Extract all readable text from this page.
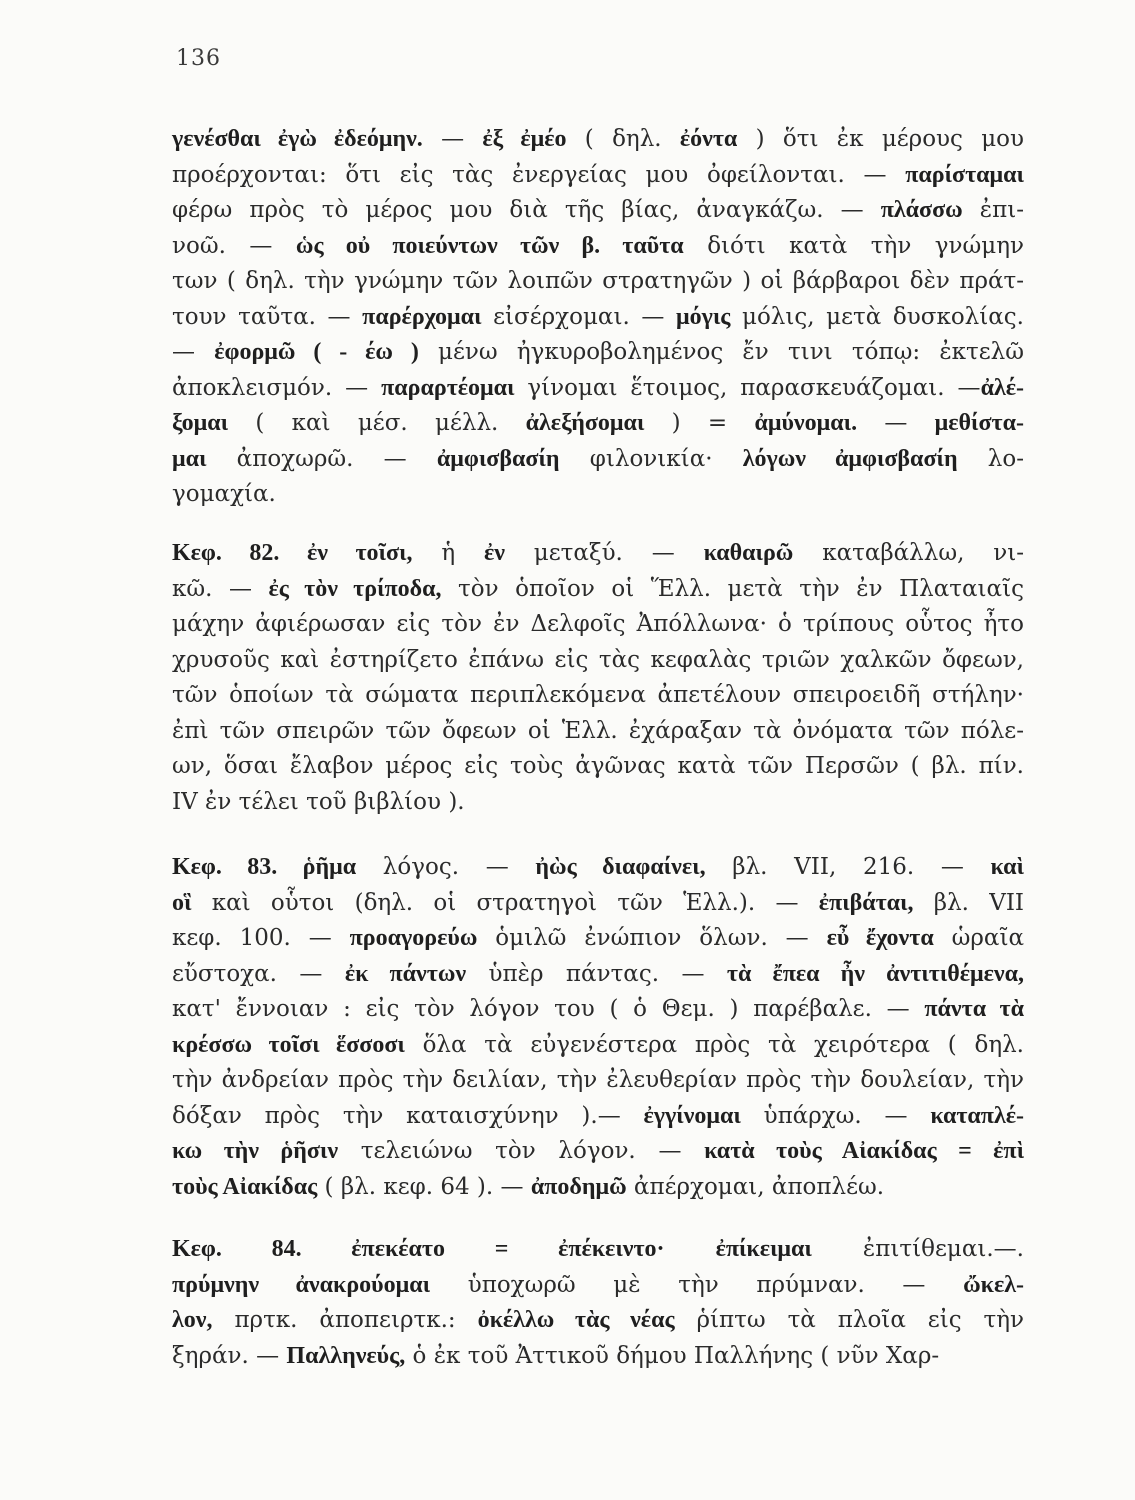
136
γενέσθαι ἐγὼ ἐδεόμην. — ἐξ ἐμέο ( δηλ. ἐόντα ) ὅτι ἐκ μέρους μου
προέρχονται: ὅτι εἰς τὰς ἐνεργείας μου ὀφείλονται. — παρίσταμαι
φέρω πρὸς τὸ μέρος μου διὰ τῆς βίας, ἀναγκάζω. — πλάσσω ἐπι-
νοῶ. — ὡς οὐ ποιεύντων τῶν β. ταῦτα διότι κατὰ τὴν γνώμην
των ( δηλ. τὴν γνώμην τῶν λοιπῶν στρατηγῶν ) οἱ βάρβαροι δὲν πράτ-
τουν ταῦτα. — παρέρχομαι εἰσέρχομαι. — μόγις μόλις, μετὰ δυσκολίας.
— ἐφορμῶ ( - έω ) μένω ἠγκυροβολημένος ἔν τινι τόπῳ: ἐκτελῶ
ἀποκλεισμόν. — παραρτέομαι γίνομαι ἕτοιμος, παρασκευάζομαι. —ἀλέ-
ξομαι ( καὶ μέσ. μέλλ. ἀλεξήσομαι ) = ἀμύνομαι. — μεθίστα-
μαι ἀποχωρῶ. — ἀμφισβασίη φιλονικία· λόγων ἀμφισβασίη λο-
γομαχία.
Κεφ. 82. ἐν τοῖσι, ἡ ἐν μεταξύ. — καθαιρῶ καταβάλλω, νι-
κῶ. — ἐς τὸν τρίποδα, τὸν ὁποῖον οἱ Ἕλλ. μετὰ τὴν ἐν Πλαταιαῖς
μάχην ἀφιέρωσαν εἰς τὸν ἐν Δελφοῖς Ἀπόλλωνα· ὁ τρίπους οὗτος ἦτο
χρυσοῦς καὶ ἐστηρίζετο ἐπάνω εἰς τὰς κεφαλὰς τριῶν χαλκῶν ὄφεων,
τῶν ὁποίων τὰ σώματα περιπλεκόμενα ἀπετέλουν σπειροειδῆ στήλην·
ἐπὶ τῶν σπειρῶν τῶν ὄφεων οἱ Ἑλλ. ἐχάραξαν τὰ ὀνόματα τῶν πόλε-
ων, ὅσαι ἔλαβον μέρος εἰς τοὺς ἀγῶνας κατὰ τῶν Περσῶν ( βλ. πίν.
IV ἐν τέλει τοῦ βιβλίου ).
Κεφ. 83. ῥῆμα λόγος. — ἠὼς διαφαίνει, βλ. VII, 216. — καὶ
οἳ καὶ οὗτοι (δηλ. οἱ στρατηγοὶ τῶν Ἑλλ.). — ἐπιβάται, βλ. VII
κεφ. 100. — προαγορεύω ὁμιλῶ ἐνώπιον ὅλων. — εὖ ἔχοντα ὡραῖα
εὔστοχα. — ἐκ πάντων ὑπὲρ πάντας. — τὰ ἔπεα ἦν ἀντιτιθέμενα,
κατ' ἔννοιαν : εἰς τὸν λόγον του ( ὁ Θεμ. ) παρέβαλε. — πάντα τὰ
κρέσσω τοῖσι ἕσσοσι ὅλα τὰ εὐγενέστερα πρὸς τὰ χειρότερα ( δηλ.
τὴν ἀνδρείαν πρὸς τὴν δειλίαν, τὴν ἐλευθερίαν πρὸς τὴν δουλείαν, τὴν
δόξαν πρὸς τὴν καταισχύνην ).— ἐγγίνομαι ὑπάρχω. — καταπλέ-
κω τὴν ῥῆσιν τελειώνω τὸν λόγον. — κατὰ τοὺς Αἰακίδας = ἐπὶ
τοὺς Αἰακίδας ( βλ. κεφ. 64 ). — ἀποδημῶ ἀπέρχομαι, ἀποπλέω.
Κεφ. 84. ἐπεκέατο = ἐπέκειντο· ἐπίκειμαι ἐπιτίθεμαι.—.
πρύμνην ἀνακρούομαι ὑποχωρῶ μὲ τὴν πρύμναν. — ὤκελ-
λον, πρτκ. ἀποπειρτκ.: ὀκέλλω τὰς νέας ῥίπτω τὰ πλοῖα εἰς τὴν
ξηράν. — Παλληνεύς, ὁ ἐκ τοῦ Ἀττικοῦ δήμου Παλλήνης ( νῦν Χαρ-
